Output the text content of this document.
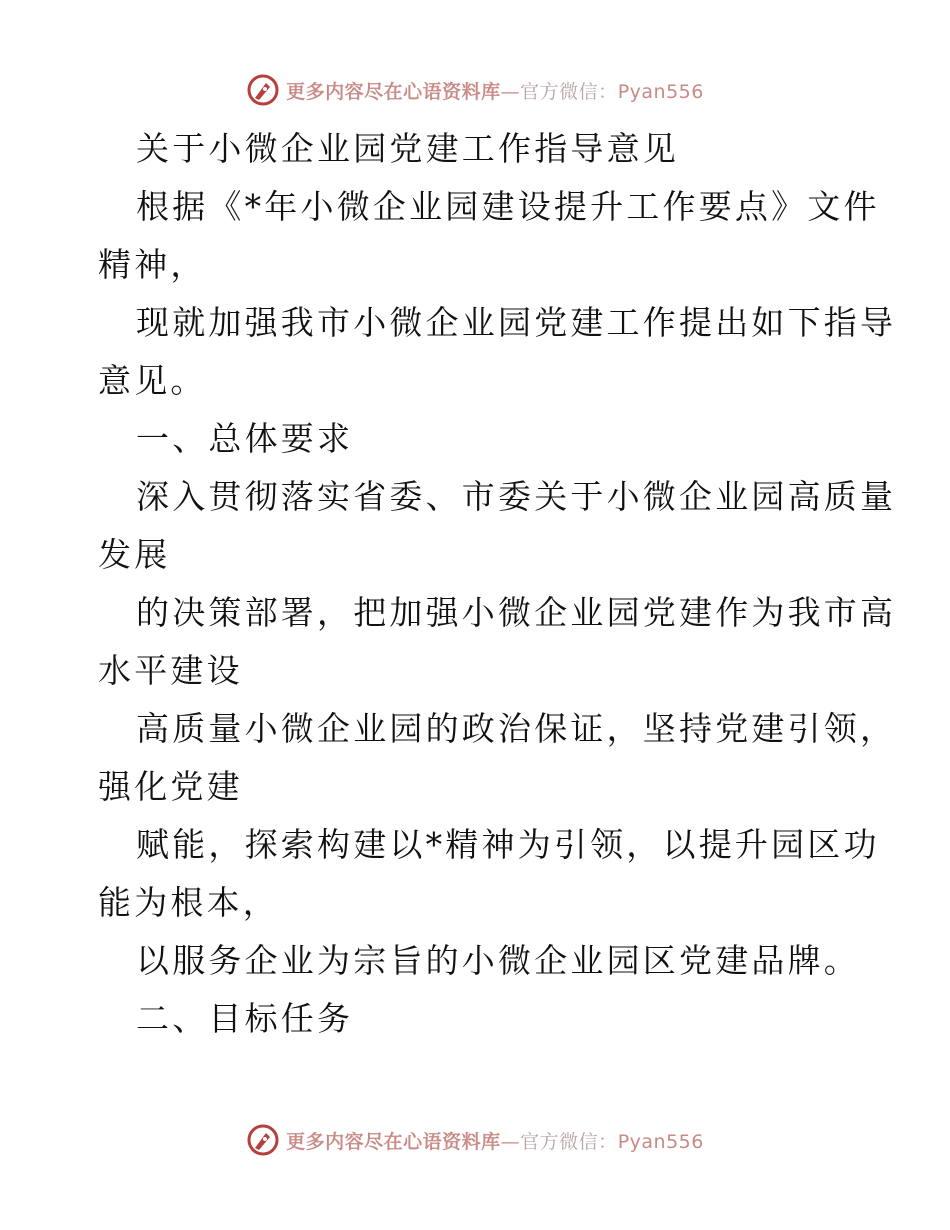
更多内容尽在心语资料库—官方微信：Pyan556
关于小微企业园党建工作指导意见
根据《*年小微企业园建设提升工作要点》文件
精神，
现就加强我市小微企业园党建工作提出如下指导
意见。
一、总体要求
深入贯彻落实省委、市委关于小微企业园高质量
发展
的决策部署，把加强小微企业园党建作为我市高
水平建设
高质量小微企业园的政治保证，坚持党建引领，
强化党建
赋能，探索构建以*精神为引领，以提升园区功
能为根本，
以服务企业为宗旨的小微企业园区党建品牌。
二、目标任务
更多内容尽在心语资料库—官方微信：Pyan556
